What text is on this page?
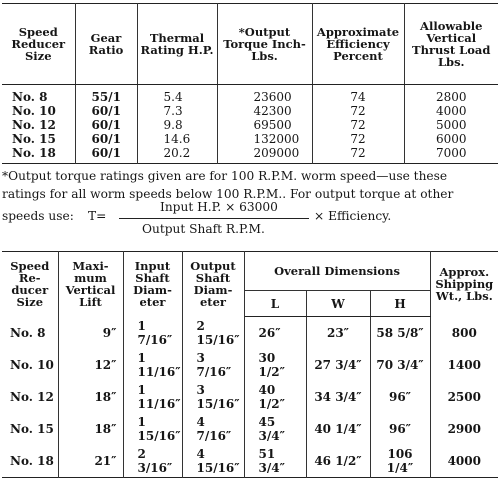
Speed Reducer Size	Gear Ratio	Thermal Rating H.P.	*Output Torque Inch-Lbs.	Approximate Efficiency Percent	Allowable Vertical Thrust Load Lbs.
No. 8	55/1	5.4	23600	74	2800
No. 10	60/1	7.3	42300	72	4000
No. 12	60/1	9.8	69500	72	5000
No. 15	60/1	14.6	132000	72	6000
No. 18	60/1	20.2	209000	72	7000

*Output torque ratings given are for 100 R.P.M. worm speed—use these

ratings for all worm speeds below 100 R.P.M.. For output torque at other

speeds use: T=
Input H.P. × 63000
Output Shaft R.P.M.
× Efficiency.
Speed Re- ducer Size	Maxi- mum Vertical Lift	Input Shaft Diam- eter	Output Shaft Diam- eter	Overall Dimensions			Approx. Shipping Wt., Lbs.
				L	W	H	
No. 8	9″	1 7/16″	2 15/16″	26″	23″	58 5/8″	800
No. 10	12″	1 11/16″	3 7/16″	30 1/2″	27 3/4″	70 3/4″	1400
No. 12	18″	1 11/16″	3 15/16″	40 1/2″	34 3/4″	96″	2500
No. 15	18″	1 15/16″	4 7/16″	45 3/4″	40 1/4″	96″	2900
No. 18	21″	2 3/16″	4 15/16″	51 3/4″	46 1/2″	106 1/4″	4000
